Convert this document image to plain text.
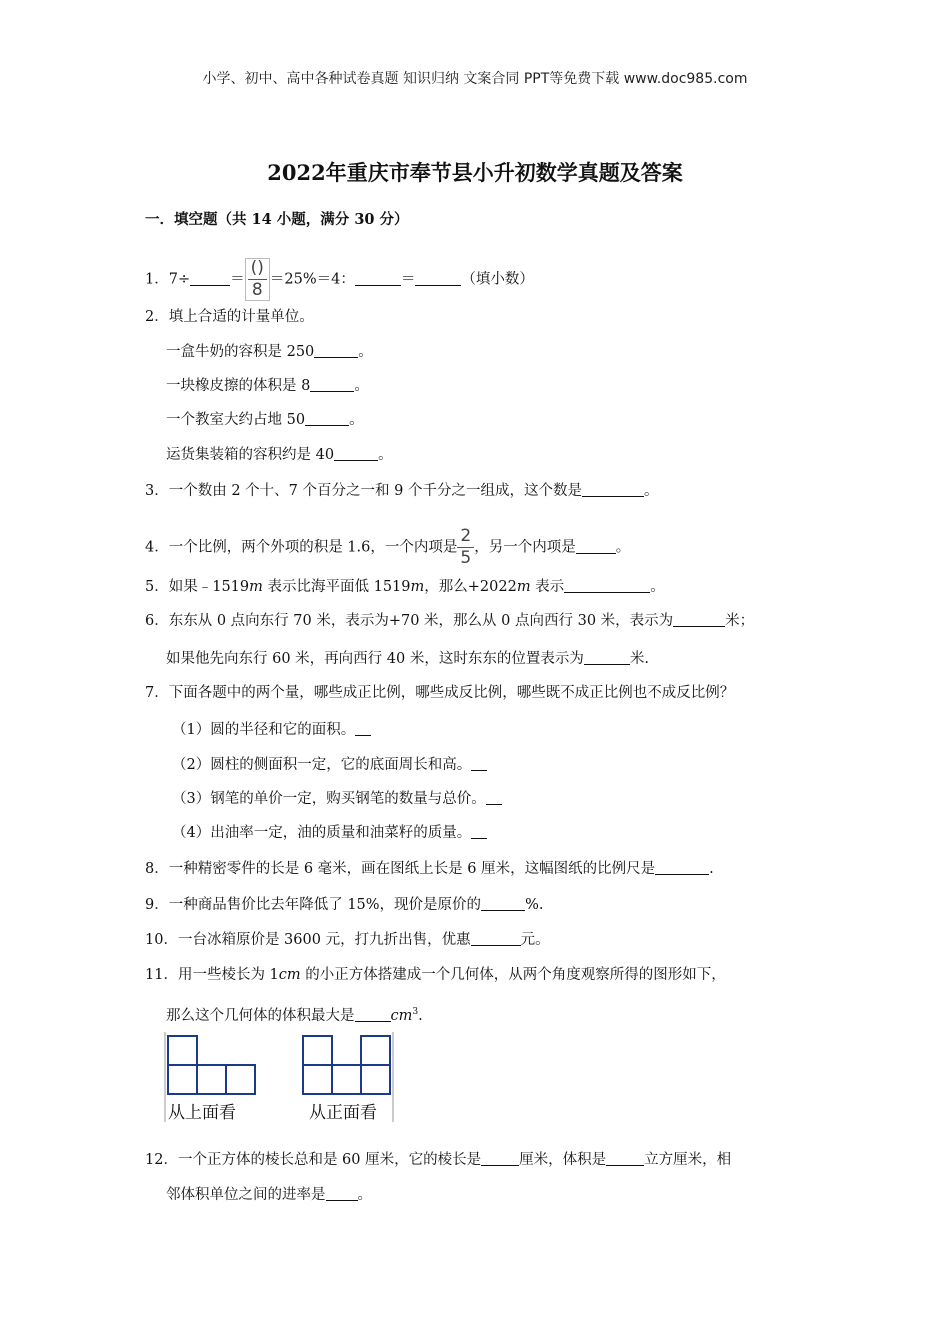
小学、初中、高中各种试卷真题 知识归纳 文案合同 PPT等免费下载 www.doc985.com
2022年重庆市奉节县小升初数学真题及答案
一．填空题（共 14 小题，满分 30 分）
1．7÷	＝ $\frac{()}{8} =25\%=4$：	＝	（填小数）
2．填上合适的计量单位。
一盒牛奶的容积是 250	。
一块橡皮擦的体积是 8	。
一个教室大约占地 50	。
运货集装箱的容积约是 40	。
3．一个数由 2 个十、7 个百分之一和 9 个千分之一组成，这个数是	。
4．一个比例，两个外项的积是 1.6，一个内项是 $\frac{2}{5}$ ，另一个内项是	。
5．如果﹣1519m 表示比海平面低 1519m，那么+2022m 表示	。
6．东东从 0 点向东行 70 米，表示为+70 米，那么从 0 点向西行 30 米，表示为	米；
如果他先向东行 60 米，再向西行 40 米，这时东东的位置表示为	米.
7．下面各题中的两个量，哪些成正比例，哪些成反比例，哪些既不成正比例也不成反比例？
（1）圆的半径和它的面积。
（2）圆柱的侧面积一定，它的底面周长和高。
（3）钢笔的单价一定，购买钢笔的数量与总价。
（4）出油率一定，油的质量和油菜籽的质量。
8．一种精密零件的长是 6 毫米，画在图纸上长是 6 厘米，这幅图纸的比例尺是	.
9．一种商品售价比去年降低了 15%，现价是原价的	%.
10．一台冰箱原价是 3600 元，打九折出售，优惠	元。
11．用一些棱长为 1cm 的小正方体搭建成一个几何体，从两个角度观察所得的图形如下，
那么这个几何体的体积最大是 $cm^3$.
从上面看	从正面看
12．一个正方体的棱长总和是 60 厘米，它的棱长是	厘米，体积是	立方厘米，相
邻体积单位之间的进率是 。
